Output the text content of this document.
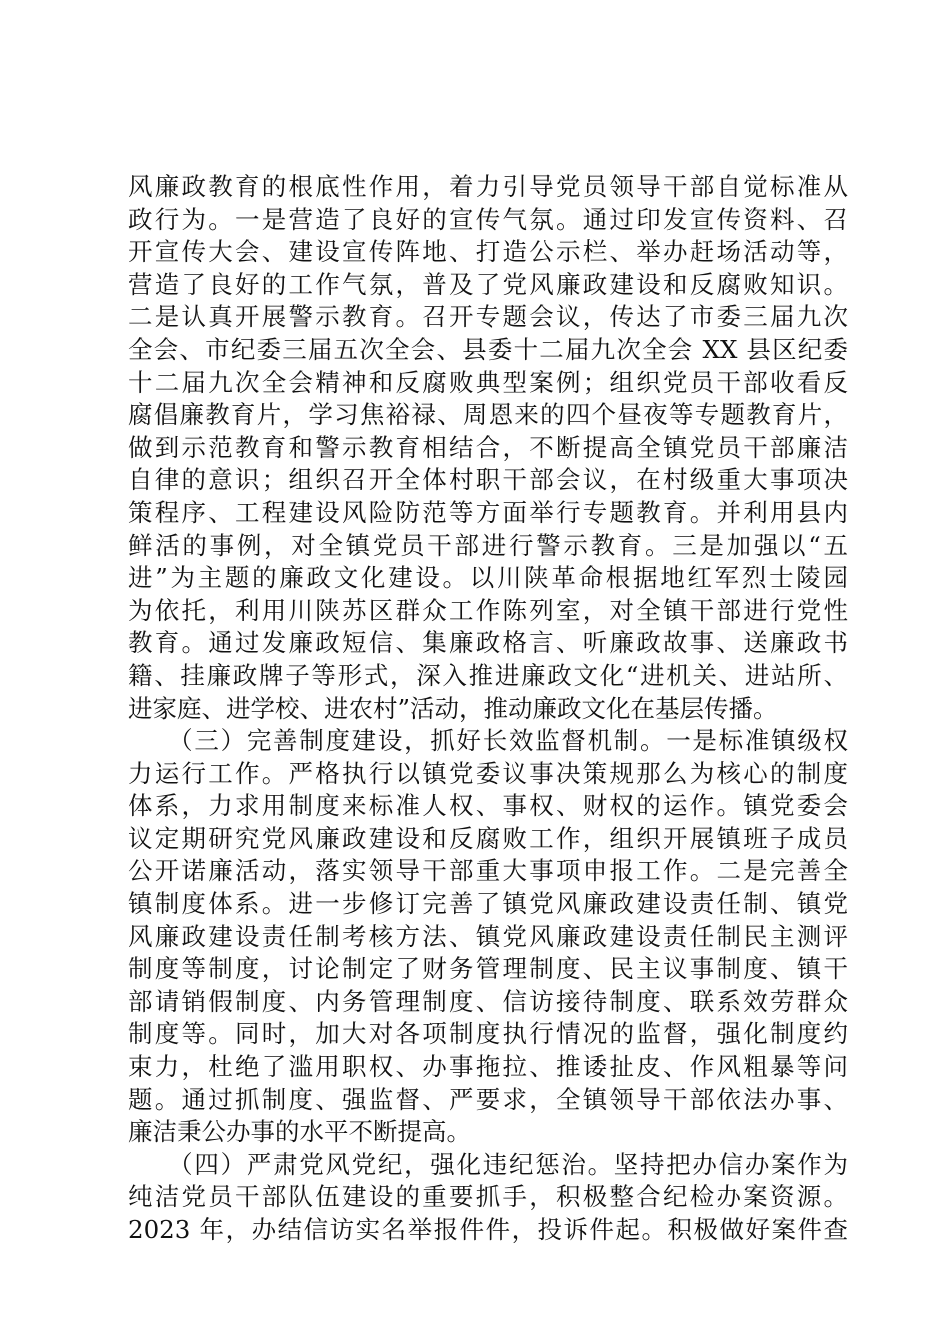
风廉政教育的根底性作用，着力引导党员领导干部自觉标准从
政行为。一是营造了良好的宣传气氛。通过印发宣传资料、召
开宣传大会、建设宣传阵地、打造公示栏、举办赶场活动等，
营造了良好的工作气氛，普及了党风廉政建设和反腐败知识。
二是认真开展警示教育。召开专题会议，传达了市委三届九次
全会、市纪委三届五次全会、县委十二届九次全会 XX 县区纪委
十二届九次全会精神和反腐败典型案例；组织党员干部收看反
腐倡廉教育片，学习焦裕禄、周恩来的四个昼夜等专题教育片，
做到示范教育和警示教育相结合，不断提高全镇党员干部廉洁
自律的意识；组织召开全体村职干部会议，在村级重大事项决
策程序、工程建设风险防范等方面举行专题教育。并利用县内
鲜活的事例，对全镇党员干部进行警示教育。三是加强以“五
进”为主题的廉政文化建设。以川陕革命根据地红军烈士陵园
为依托，利用川陕苏区群众工作陈列室，对全镇干部进行党性
教育。通过发廉政短信、集廉政格言、听廉政故事、送廉政书
籍、挂廉政牌子等形式，深入推进廉政文化“进机关、进站所、
进家庭、进学校、进农村”活动，推动廉政文化在基层传播。
　　（三）完善制度建设，抓好长效监督机制。一是标准镇级权
力运行工作。严格执行以镇党委议事决策规那么为核心的制度
体系，力求用制度来标准人权、事权、财权的运作。镇党委会
议定期研究党风廉政建设和反腐败工作，组织开展镇班子成员
公开诺廉活动，落实领导干部重大事项申报工作。二是完善全
镇制度体系。进一步修订完善了镇党风廉政建设责任制、镇党
风廉政建设责任制考核方法、镇党风廉政建设责任制民主测评
制度等制度，讨论制定了财务管理制度、民主议事制度、镇干
部请销假制度、内务管理制度、信访接待制度、联系效劳群众
制度等。同时，加大对各项制度执行情况的监督，强化制度约
束力，杜绝了滥用职权、办事拖拉、推诿扯皮、作风粗暴等问
题。通过抓制度、强监督、严要求，全镇领导干部依法办事、
廉洁秉公办事的水平不断提高。
　　（四）严肃党风党纪，强化违纪惩治。坚持把办信办案作为
纯洁党员干部队伍建设的重要抓手，积极整合纪检办案资源。
2023 年，办结信访实名举报件件，投诉件起。积极做好案件查
